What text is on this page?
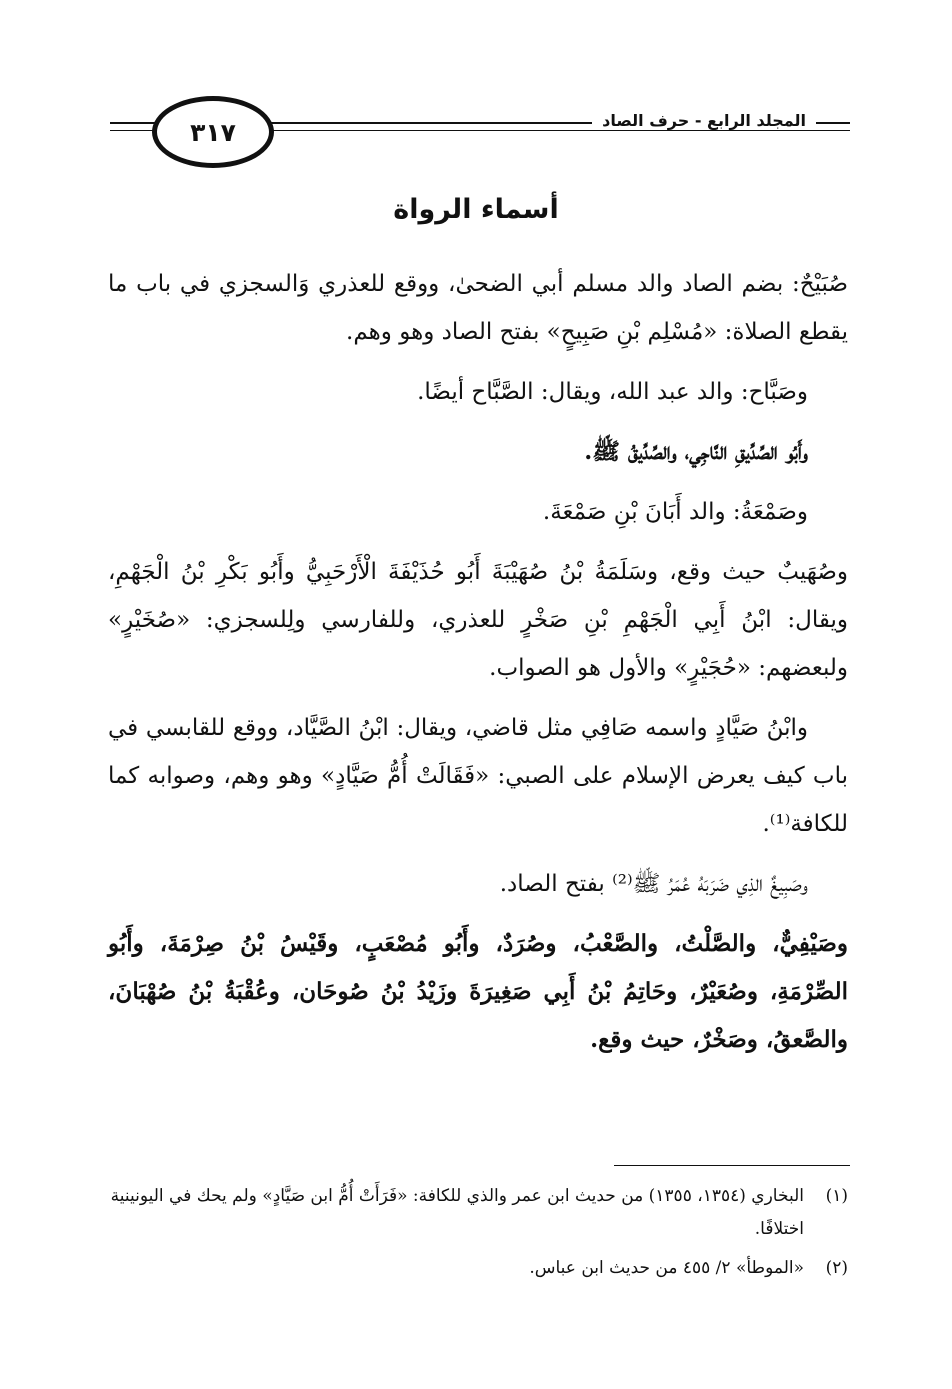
المجلد الرابع - حرف الصاد
٣١٧
أسماء الرواة

صُبَيْحٌ: بضم الصاد والد مسلم أبي الضحىٰ، ووقع للعذري وَالسجزي في باب ما يقطع الصلاة: «مُسْلِم بْنِ صَبِيحٍ» بفتح الصاد وهو وهم.

وصَبَّاح: والد عبد الله، ويقال: الصَّبَّاح أيضًا.

وأَبُو الصِّدِّيقِ النَّاجِي، والصِّدِّيقُ ﷺ.

وصَمْعَةُ: والد أَبَانَ بْنِ صَمْعَةَ.

وصُهَيبٌ حيث وقع، وسَلَمَةُ بْنُ صُهَيْبَةَ أَبُو حُذَيْفَةَ الْأَرْحَبِيُّ وأَبُو بَكْرِ بْنُ الْجَهْمِ، ويقال: ابْنُ أَبِي الْجَهْمِ بْنِ صَخْرٍ للعذري، وللفارسي ولِلسجزي: «صُخَيْرٍ» ولبعضهم: «حُجَيْرٍ» والأول هو الصواب.

وابْنُ صَيَّادٍ واسمه صَافِي مثل قاضي، ويقال: ابْنُ الصَّيَّاد، ووقع للقابسي في باب كيف يعرض الإسلام على الصبي: «فَقَالَتْ أُمُّ صَيَّادٍ» وهو وهم، وصوابه كما للكافة⁽¹⁾.

وصَبِيغٌ الذِي ضَرَبَهُ عُمَرُ ﷺ⁽²⁾ بفتح الصاد.

وصَيْفِيٌّ، والصَّلْتُ، والصَّعْبُ، وصُرَدٌ، وأَبُو مُصْعَبٍ، وقَيْسُ بْنُ صِرْمَةَ، وأَبُو الصِّرْمَةِ، وصُعَيْرٌ، وحَاتِمُ بْنُ أَبِي صَغِيرَةَ وزَيْدُ بْنُ صُوحَان، وعُقْبَةُ بْنُ صُهْبَانَ، والصَّعقُ، وصَخْرٌ، حيث وقع.

(١)
البخاري (١٣٥٤، ١٣٥٥) من حديث ابن عمر والذي للكافة: «فَرَأَتْ أُمُّ ابن صَيَّادٍ» ولم يحك في اليونينية اختلافًا.
(٢)
«الموطأ» ٢/ ٤٥٥ من حديث ابن عباس.
